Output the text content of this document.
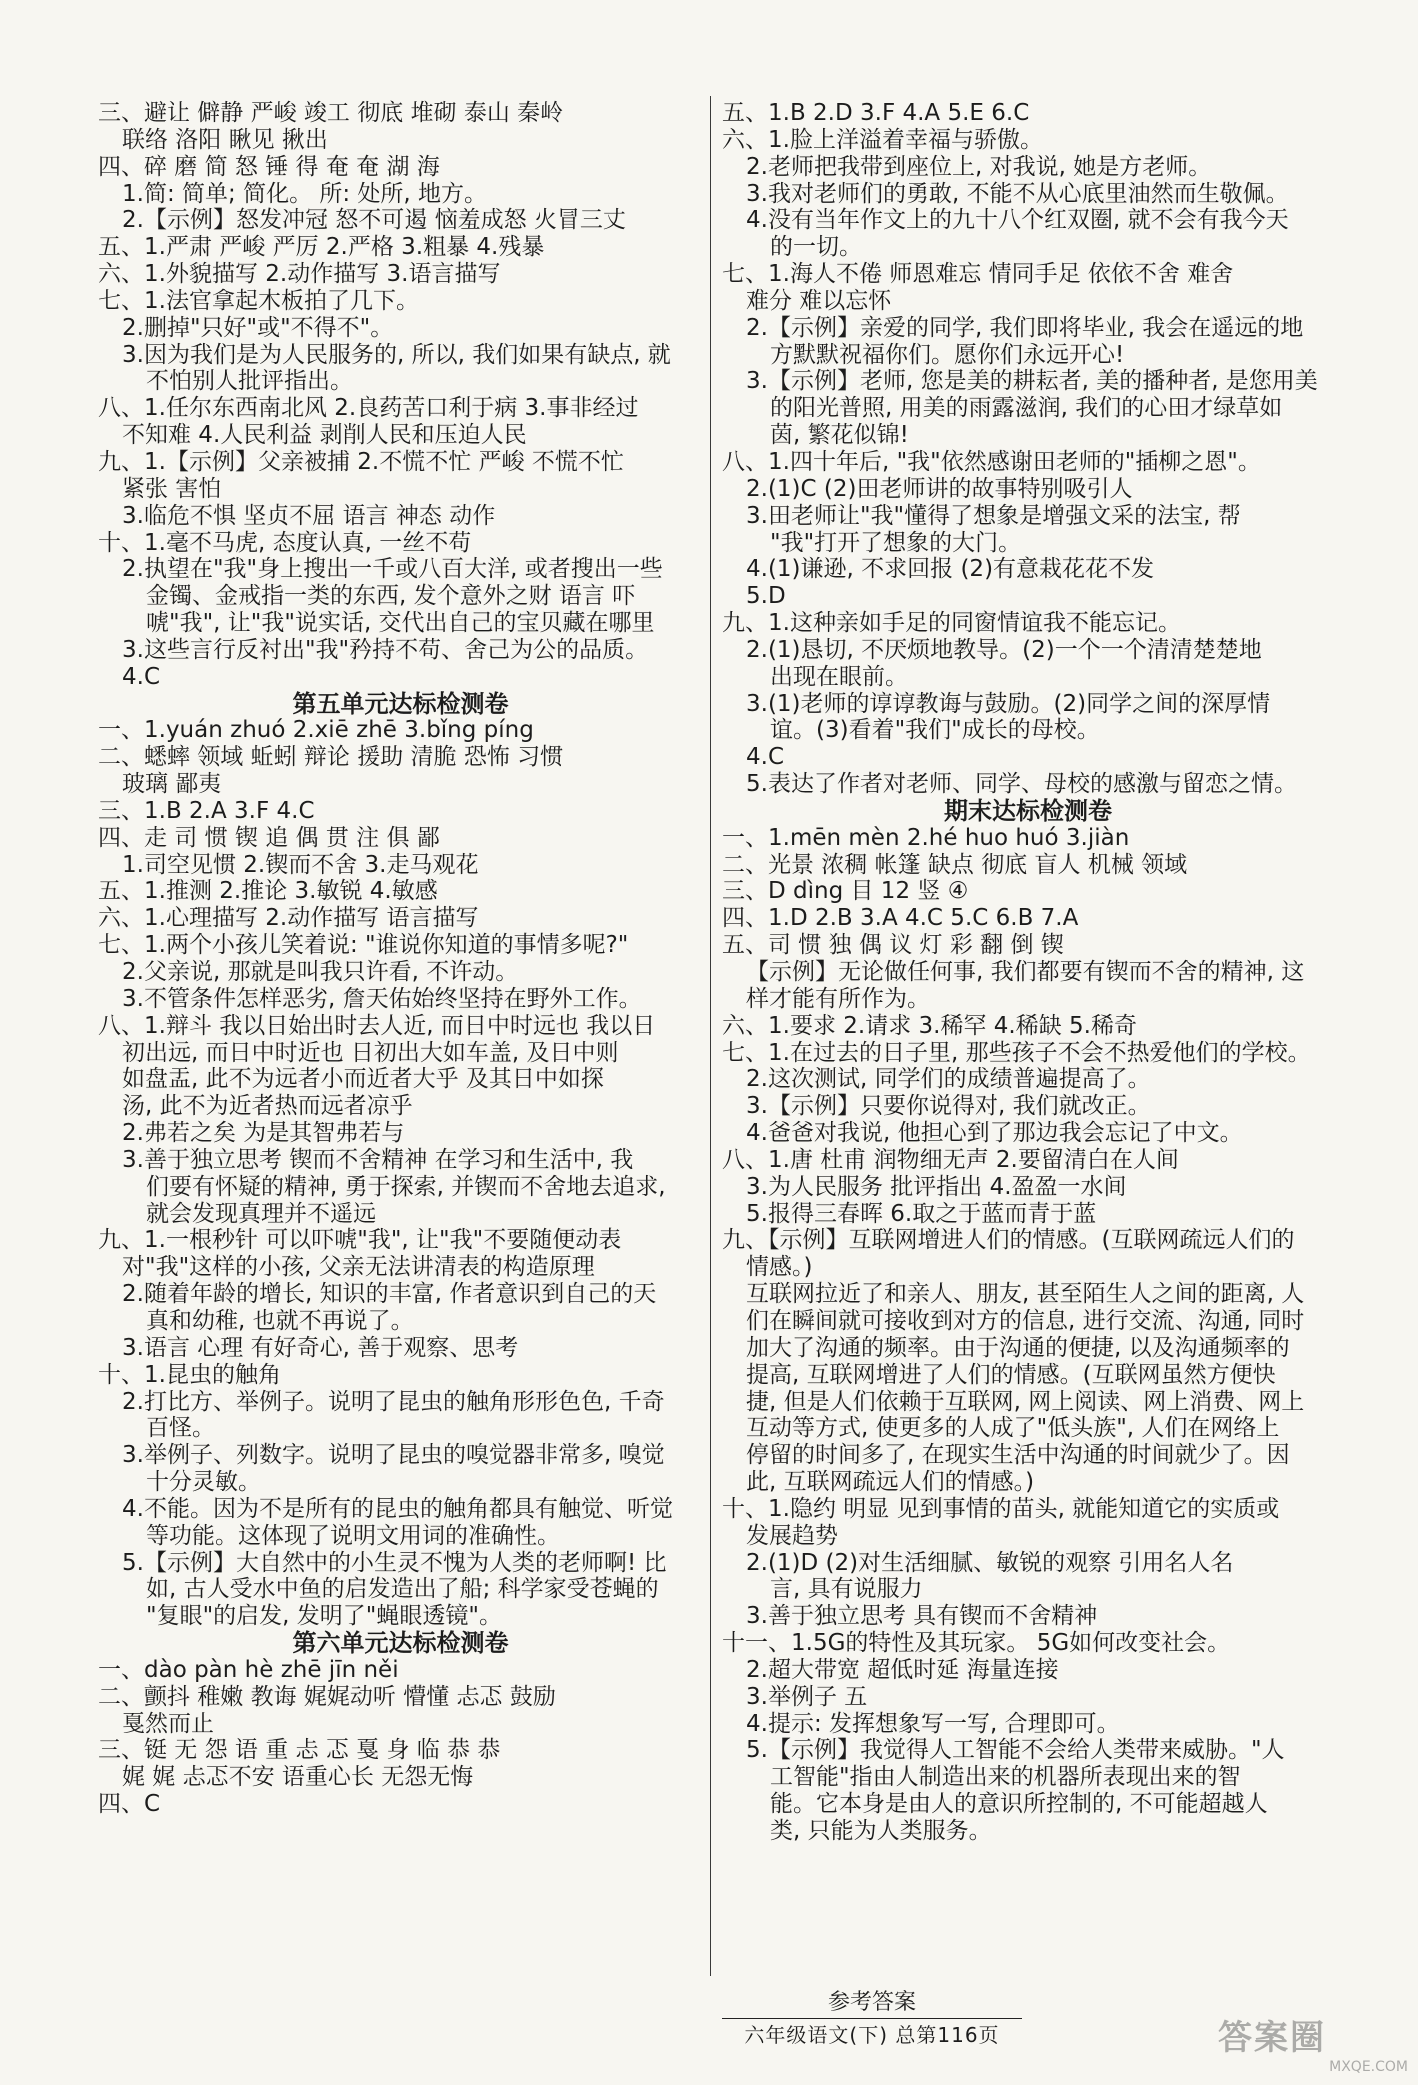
三、避让 僻静 严峻 竣工 彻底 堆砌 泰山 秦岭
联络 洛阳 瞅见 揪出
四、碎 磨 简 怒 锤 得 奄 奄 湖 海
1.简: 简单; 简化。 所: 处所, 地方。
2.【示例】怒发冲冠 怒不可遏 恼羞成怒 火冒三丈
五、1.严肃 严峻 严厉 2.严格 3.粗暴 4.残暴
六、1.外貌描写 2.动作描写 3.语言描写
七、1.法官拿起木板拍了几下。
2.删掉"只好"或"不得不"。
3.因为我们是为人民服务的, 所以, 我们如果有缺点, 就
不怕别人批评指出。
八、1.任尔东西南北风 2.良药苦口利于病 3.事非经过
不知难 4.人民利益 剥削人民和压迫人民
九、1.【示例】父亲被捕 2.不慌不忙 严峻 不慌不忙
紧张 害怕
3.临危不惧 坚贞不屈 语言 神态 动作
十、1.毫不马虎, 态度认真, 一丝不苟
2.执望在"我"身上搜出一千或八百大洋, 或者搜出一些
金镯、金戒指一类的东西, 发个意外之财 语言 吓
唬"我", 让"我"说实话, 交代出自己的宝贝藏在哪里
3.这些言行反衬出"我"矜持不苟、舍己为公的品质。
4.C
第五单元达标检测卷
一、1.yuán zhuó 2.xiē zhē 3.bǐng píng
二、蟋蟀 领域 蚯蚓 辩论 援助 清脆 恐怖 习惯
玻璃 鄙夷
三、1.B 2.A 3.F 4.C
四、走 司 惯 锲 追 偶 贯 注 俱 鄙
1.司空见惯 2.锲而不舍 3.走马观花
五、1.推测 2.推论 3.敏锐 4.敏感
六、1.心理描写 2.动作描写 语言描写
七、1.两个小孩儿笑着说: "谁说你知道的事情多呢?"
2.父亲说, 那就是叫我只许看, 不许动。
3.不管条件怎样恶劣, 詹天佑始终坚持在野外工作。
八、1.辩斗 我以日始出时去人近, 而日中时远也 我以日
初出远, 而日中时近也 日初出大如车盖, 及日中则
如盘盂, 此不为远者小而近者大乎 及其日中如探
汤, 此不为近者热而远者凉乎
2.弗若之矣 为是其智弗若与
3.善于独立思考 锲而不舍精神 在学习和生活中, 我
们要有怀疑的精神, 勇于探索, 并锲而不舍地去追求,
就会发现真理并不遥远
九、1.一根秒针 可以吓唬"我", 让"我"不要随便动表
对"我"这样的小孩, 父亲无法讲清表的构造原理
2.随着年龄的增长, 知识的丰富, 作者意识到自己的天
真和幼稚, 也就不再说了。
3.语言 心理 有好奇心, 善于观察、思考
十、1.昆虫的触角
2.打比方、举例子。说明了昆虫的触角形形色色, 千奇
百怪。
3.举例子、列数字。说明了昆虫的嗅觉器非常多, 嗅觉
十分灵敏。
4.不能。因为不是所有的昆虫的触角都具有触觉、听觉
等功能。这体现了说明文用词的准确性。
5.【示例】大自然中的小生灵不愧为人类的老师啊! 比
如, 古人受水中鱼的启发造出了船; 科学家受苍蝇的
"复眼"的启发, 发明了"蝇眼透镜"。
第六单元达标检测卷
一、dào pàn hè zhē jīn něi
二、颤抖 稚嫩 教诲 娓娓动听 懵懂 忐忑 鼓励
戛然而止
三、铤 无 怨 语 重 忐 忑 戛 身 临 恭 恭
娓 娓 忐忑不安 语重心长 无怨无悔
四、C
五、1.B 2.D 3.F 4.A 5.E 6.C
六、1.脸上洋溢着幸福与骄傲。
2.老师把我带到座位上, 对我说, 她是方老师。
3.我对老师们的勇敢, 不能不从心底里油然而生敬佩。
4.没有当年作文上的九十八个红双圈, 就不会有我今天
的一切。
七、1.海人不倦 师恩难忘 情同手足 依依不舍 难舍
难分 难以忘怀
2.【示例】亲爱的同学, 我们即将毕业, 我会在遥远的地
方默默祝福你们。愿你们永远开心!
3.【示例】老师, 您是美的耕耘者, 美的播种者, 是您用美
的阳光普照, 用美的雨露滋润, 我们的心田才绿草如
茵, 繁花似锦!
八、1.四十年后, "我"依然感谢田老师的"插柳之恩"。
2.(1)C (2)田老师讲的故事特别吸引人
3.田老师让"我"懂得了想象是增强文采的法宝, 帮
"我"打开了想象的大门。
4.(1)谦逊, 不求回报 (2)有意栽花花不发
5.D
九、1.这种亲如手足的同窗情谊我不能忘记。
2.(1)恳切, 不厌烦地教导。(2)一个一个清清楚楚地
出现在眼前。
3.(1)老师的谆谆教诲与鼓励。(2)同学之间的深厚情
谊。(3)看着"我们"成长的母校。
4.C
5.表达了作者对老师、同学、母校的感激与留恋之情。
期末达标检测卷
一、1.mēn mèn 2.hé huo huó 3.jiàn
二、光景 浓稠 帐篷 缺点 彻底 盲人 机械 领域
三、D dìng 目 12 竖 ④
四、1.D 2.B 3.A 4.C 5.C 6.B 7.A
五、司 惯 独 偶 议 灯 彩 翻 倒 锲
【示例】无论做任何事, 我们都要有锲而不舍的精神, 这
样才能有所作为。
六、1.要求 2.请求 3.稀罕 4.稀缺 5.稀奇
七、1.在过去的日子里, 那些孩子不会不热爱他们的学校。
2.这次测试, 同学们的成绩普遍提高了。
3.【示例】只要你说得对, 我们就改正。
4.爸爸对我说, 他担心到了那边我会忘记了中文。
八、1.唐 杜甫 润物细无声 2.要留清白在人间
3.为人民服务 批评指出 4.盈盈一水间
5.报得三春晖 6.取之于蓝而青于蓝
九、【示例】互联网增进人们的情感。(互联网疏远人们的
情感。)
互联网拉近了和亲人、朋友, 甚至陌生人之间的距离, 人
们在瞬间就可接收到对方的信息, 进行交流、沟通, 同时
加大了沟通的频率。由于沟通的便捷, 以及沟通频率的
提高, 互联网增进了人们的情感。(互联网虽然方便快
捷, 但是人们依赖于互联网, 网上阅读、网上消费、网上
互动等方式, 使更多的人成了"低头族", 人们在网络上
停留的时间多了, 在现实生活中沟通的时间就少了。因
此, 互联网疏远人们的情感。)
十、1.隐约 明显 见到事情的苗头, 就能知道它的实质或
发展趋势
2.(1)D (2)对生活细腻、敏锐的观察 引用名人名
言, 具有说服力
3.善于独立思考 具有锲而不舍精神
十一、1.5G的特性及其玩家。 5G如何改变社会。
2.超大带宽 超低时延 海量连接
3.举例子 五
4.提示: 发挥想象写一写, 合理即可。
5.【示例】我觉得人工智能不会给人类带来威胁。"人
工智能"指由人制造出来的机器所表现出来的智
能。它本身是由人的意识所控制的, 不可能超越人
类, 只能为人类服务。
参考答案
六年级语文(下) 总第116页	答案圈
MXQE.COM
